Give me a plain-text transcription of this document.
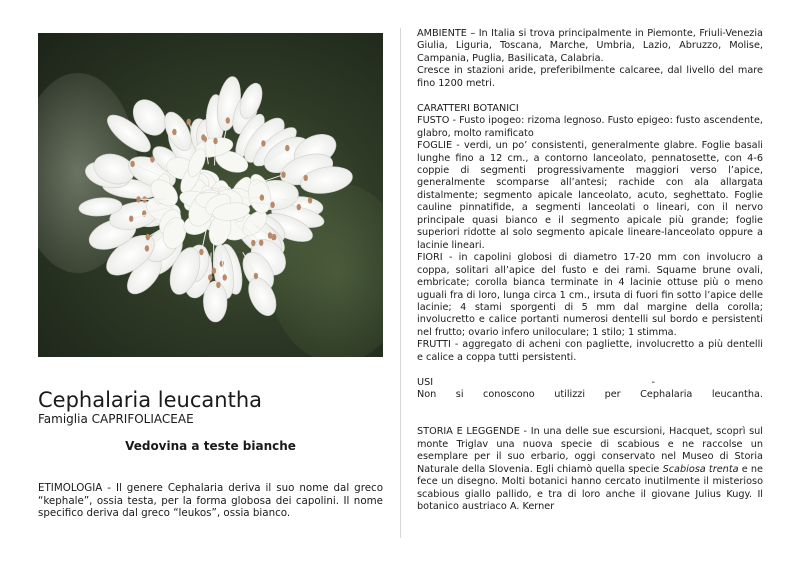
Cephalaria leucantha
Famiglia CAPRIFOLIACEAE
Vedovina a teste bianche
ETIMOLOGIA - Il genere Cephalaria deriva il suo nome dal greco “kephale”, ossia testa, per la forma globosa dei capolini. Il nome specifico deriva dal greco “leukos”, ossia bianco.

AMBIENTE – In Italia si trova principalmente in Piemonte, Friuli-Venezia Giulia, Liguria, Toscana, Marche, Umbria, Lazio, Abruzzo, Molise, Campania, Puglia, Basilicata, Calabria.

Cresce in stazioni aride, preferibilmente calcaree, dal livello del mare fino 1200 metri.

CARATTERI BOTANICI

FUSTO - Fusto ipogeo: rizoma legnoso. Fusto epigeo: fusto ascendente, glabro, molto ramificato

FOGLIE - verdi, un po’ consistenti, generalmente glabre. Foglie basali lunghe fino a 12 cm., a contorno lanceolato, pennatosette, con 4-6 coppie di segmenti progressivamente maggiori verso l’apice, generalmente scomparse all’antesi; rachide con ala allargata distalmente; segmento apicale lanceolato, acuto, seghettato. Foglie cauline pinnatifide, a segmenti lanceolati o lineari, con il nervo principale quasi bianco e il segmento apicale più grande; foglie superiori ridotte al solo segmento apicale lineare-lanceolato oppure a lacinie lineari.

FIORI - in capolini globosi di diametro 17-20 mm con involucro a coppa, solitari all’apice del fusto e dei rami. Squame brune ovali, embricate; corolla bianca terminate in 4 lacinie ottuse più o meno uguali fra di loro, lunga circa 1 cm., irsuta di fuori fin sotto l’apice delle lacinie; 4 stami sporgenti di 5 mm dal margine della corolla; involucretto e calice portanti numerosi dentelli sul bordo e persistenti nel frutto; ovario infero uniloculare; 1 stilo; 1 stimma.

FRUTTI - aggregato di acheni con pagliette, involucretto a più dentelli e calice a coppa tutti persistenti.

USI	-

Non si conoscono utilizzi per Cephalaria leucantha.

STORIA E LEGGENDE - In una delle sue escursioni, Hacquet, scoprì sul monte Triglav una nuova specie di scabious e ne raccolse un esemplare per il suo erbario, oggi conservato nel Museo di Storia Naturale della Slovenia. Egli chiamò quella specie Scabiosa trenta e ne fece un disegno. Molti botanici hanno cercato inutilmente il misterioso scabious giallo pallido, e tra di loro anche il giovane Julius Kugy. Il botanico austriaco A. Kerner
